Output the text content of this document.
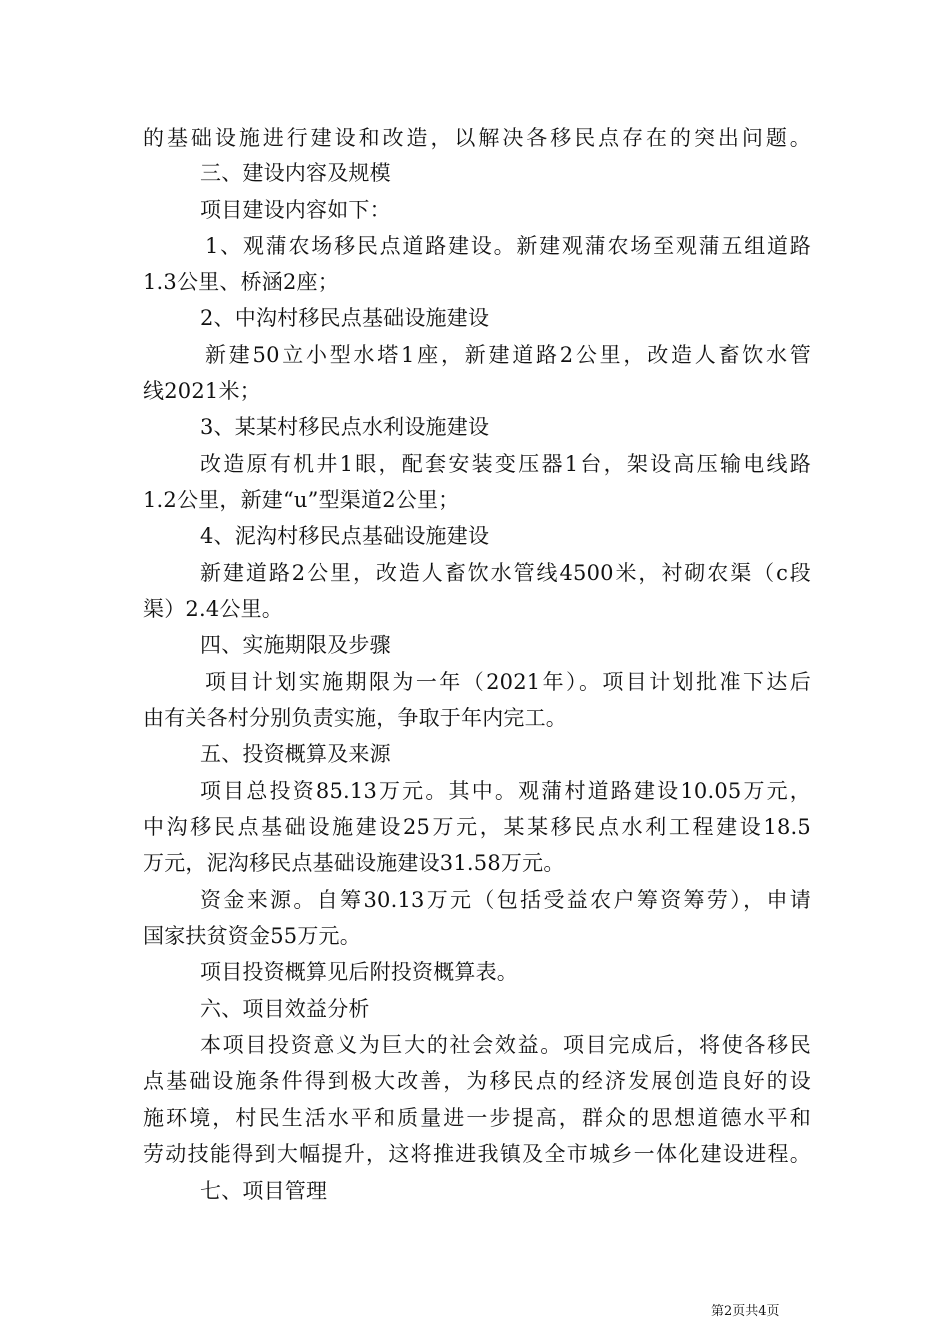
的基础设施进行建设和改造，以解决各移民点存在的突出问题。
三、建设内容及规模
项目建设内容如下：
1、观蒲农场移民点道路建设。新建观蒲农场至观蒲五组道路
1.3公里、桥涵2座；
2、中沟村移民点基础设施建设
新建50立小型水塔1座，新建道路2公里，改造人畜饮水管
线2021米；
3、某某村移民点水利设施建设
改造原有机井1眼，配套安装变压器1台，架设高压输电线路
1.2公里，新建“u”型渠道2公里；
4、泥沟村移民点基础设施建设
新建道路2公里，改造人畜饮水管线4500米，衬砌农渠（c段
渠）2.4公里。
四、实施期限及步骤
项目计划实施期限为一年（2021年）。项目计划批准下达后
由有关各村分别负责实施，争取于年内完工。
五、投资概算及来源
项目总投资85.13万元。其中。观蒲村道路建设10.05万元，
中沟移民点基础设施建设25万元，某某移民点水利工程建设18.5
万元，泥沟移民点基础设施建设31.58万元。
资金来源。自筹30.13万元（包括受益农户筹资筹劳），申请
国家扶贫资金55万元。
项目投资概算见后附投资概算表。
六、项目效益分析
本项目投资意义为巨大的社会效益。项目完成后，将使各移民
点基础设施条件得到极大改善，为移民点的经济发展创造良好的设
施环境，村民生活水平和质量进一步提高，群众的思想道德水平和
劳动技能得到大幅提升，这将推进我镇及全市城乡一体化建设进程。
七、项目管理
第2页共4页
